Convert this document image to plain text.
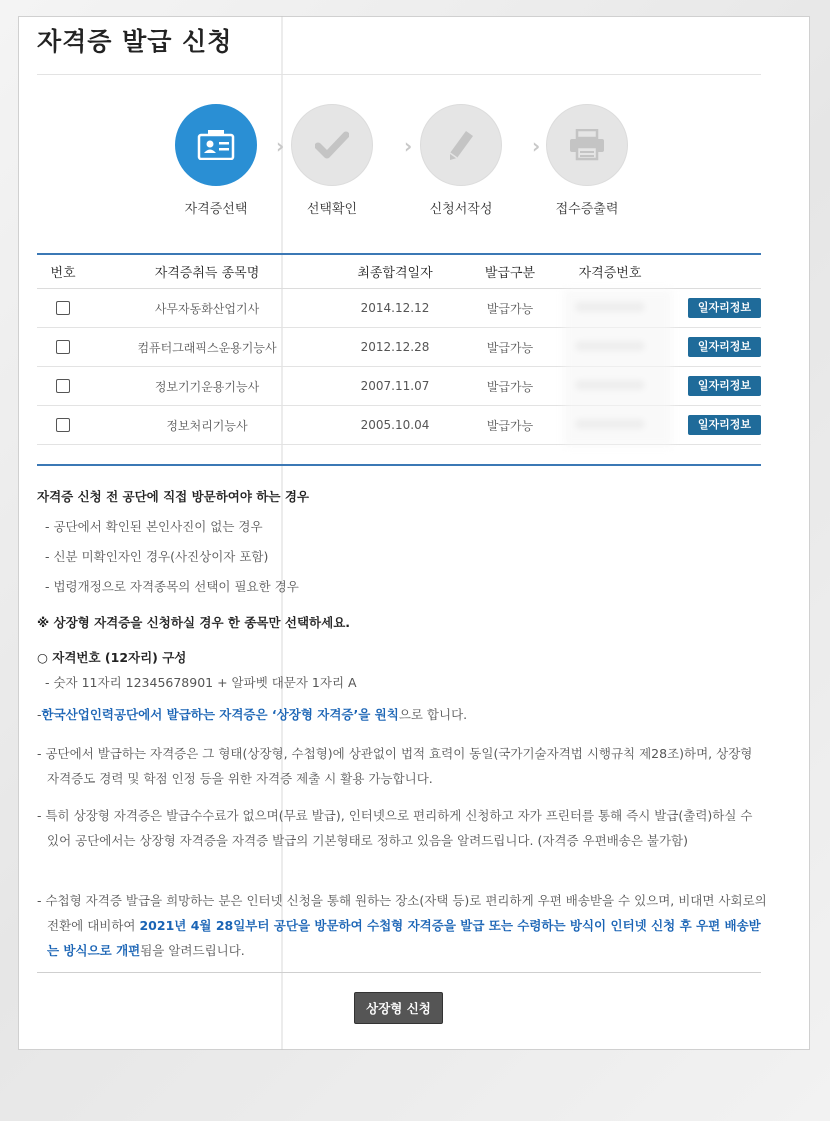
자격증 발급 신청
자격증선택
›
선택확인
›
신청서작성
›
접수증출력
번호	자격증취득 종목명	최종합격일자	발급구분	자격증번호	
	사무자동화산업기사	2014.12.12	발급가능		일자리정보
	컴퓨터그래픽스운용기능사	2012.12.28	발급가능		일자리정보
	정보기기운용기능사	2007.11.07	발급가능		일자리정보
	정보처리기능사	2005.10.04	발급가능		일자리정보
자격증 신청 전 공단에 직접 방문하여야 하는 경우
- 공단에서 확인된 본인사진이 없는 경우
- 신분 미확인자인 경우(사진상이자 포함)
- 법령개정으로 자격종목의 선택이 필요한 경우
※ 상장형 자격증을 신청하실 경우 한 종목만 선택하세요.
○ 자격번호 (12자리) 구성
- 숫자 11자리 12345678901 + 알파벳 대문자 1자리 A
-한국산업인력공단에서 발급하는 자격증은 ‘상장형 자격증’을 원칙으로 합니다.
- 공단에서 발급하는 자격증은 그 형태(상장형, 수첩형)에 상관없이 법적 효력이 동일(국가기술자격법 시행규칙 제28조)하며, 상장형 자격증도 경력 및 학점 인정 등을 위한 자격증 제출 시 활용 가능합니다.
- 특히 상장형 자격증은 발급수수료가 없으며(무료 발급), 인터넷으로 편리하게 신청하고 자가 프린터를 통해 즉시 발급(출력)하실 수 있어 공단에서는 상장형 자격증을 자격증 발급의 기본형태로 정하고 있음을 알려드립니다. (자격증 우편배송은 불가함)
- 수첩형 자격증 발급을 희망하는 분은 인터넷 신청을 통해 원하는 장소(자택 등)로 편리하게 우편 배송받을 수 있으며, 비대면 사회로의 전환에 대비하여 2021년 4월 28일부터 공단을 방문하여 수첩형 자격증을 발급 또는 수령하는 방식이 인터넷 신청 후 우편 배송받는 방식으로 개편됨을 알려드립니다.
상장형 신청
